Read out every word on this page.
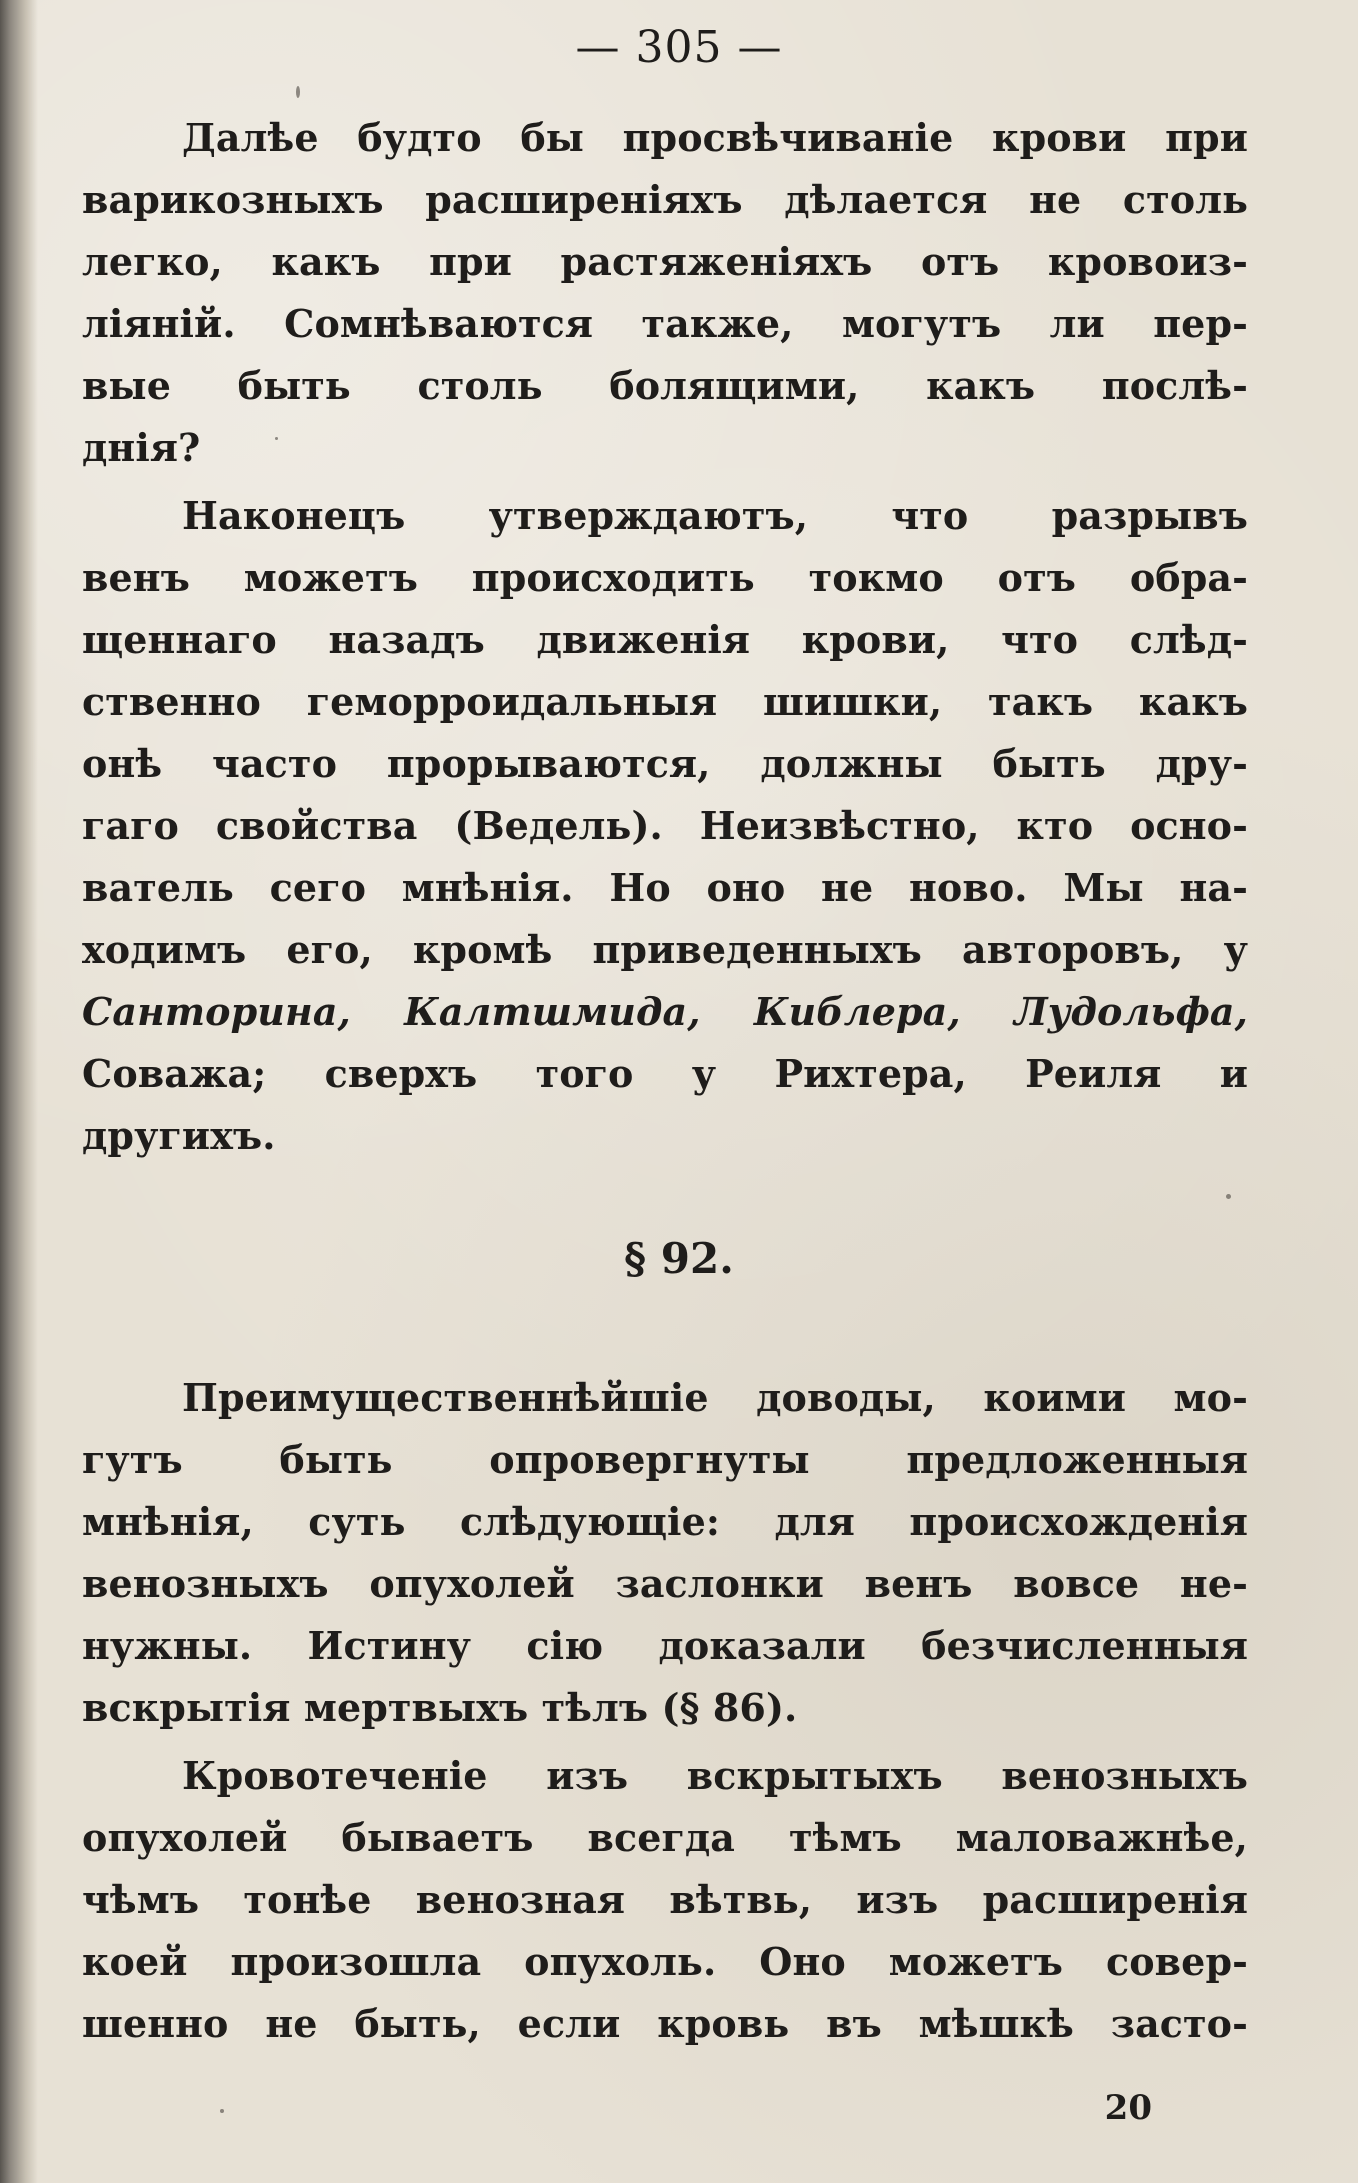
— 305 —
Далѣе будто бы просвѣчиваніе крови при
варикозныхъ расширеніяхъ дѣлается не столь
легко, какъ при растяженіяхъ отъ кровоиз-
ліяній. Сомнѣваются также, могутъ ли пер-
вые быть столь болящими, какъ послѣ-
днія?
Наконецъ утверждаютъ, что разрывъ
венъ можетъ происходить токмо отъ обра-
щеннаго назадъ движенія крови, что слѣд-
ственно геморроидальныя шишки, такъ какъ
онѣ часто прорываются, должны быть дру-
гаго свойства (Ведель). Неизвѣстно, кто осно-
ватель сего мнѣнія. Но оно не ново. Мы на-
ходимъ его, кромѣ приведенныхъ авторовъ, у
Санторина, Калтшмида, Киблера, Лудольфа,
Соважа; сверхъ того у Рихтера, Реиля и
другихъ.
§ 92.
Преимущественнѣйшіе доводы, коими мо-
гутъ быть опровергнуты предложенныя
мнѣнія, суть слѣдующіе: для происхожденія
венозныхъ опухолей заслонки венъ вовсе не-
нужны. Истину сію доказали безчисленныя
вскрытія мертвыхъ тѣлъ (§ 86).
Кровотеченіе изъ вскрытыхъ венозныхъ
опухолей бываетъ всегда тѣмъ маловажнѣе,
чѣмъ тонѣе венозная вѣтвь, изъ расширенія
коей произошла опухоль. Оно можетъ совер-
шенно не быть, если кровь въ мѣшкѣ засто-
20
